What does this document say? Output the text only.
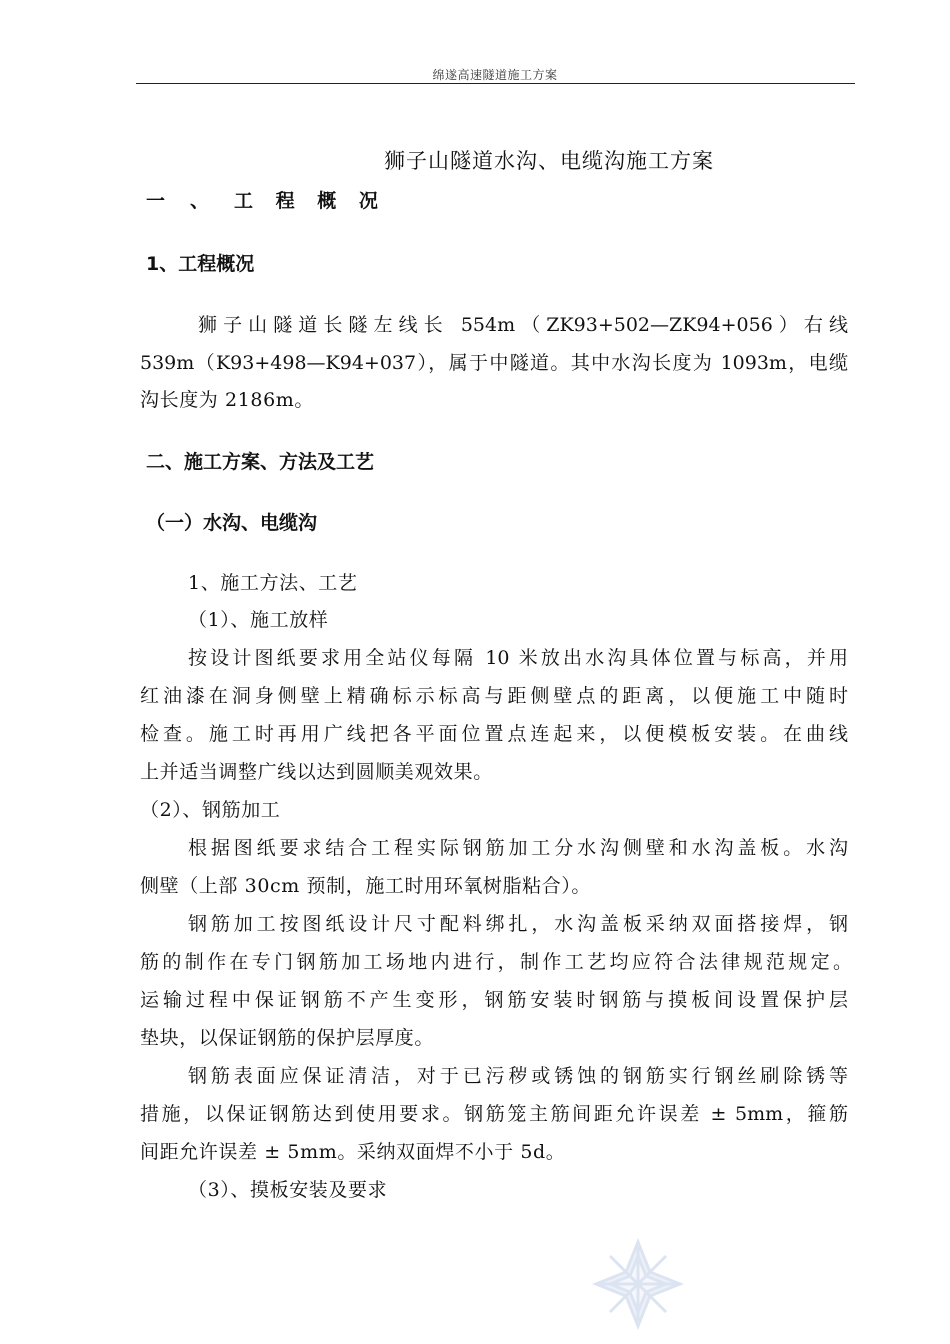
绵遂高速隧道施工方案
狮子山隧道水沟、电缆沟施工方案
一 、 工 程 概 况
1、工程概况
狮子山隧道长隧左线长 554m（ZK93+502—ZK94+056）右线
539m（K93+498—K94+037），属于中隧道。其中水沟长度为 1093m，电缆
沟长度为 2186m。
二、施工方案、方法及工艺
（一）水沟、电缆沟
1、施工方法、工艺
（1）、施工放样
按设计图纸要求用全站仪每隔 10 米放出水沟具体位置与标高，并用
红油漆在洞身侧壁上精确标示标高与距侧壁点的距离，以便施工中随时
检查。施工时再用广线把各平面位置点连起来，以便模板安装。在曲线
上并适当调整广线以达到圆顺美观效果。
（2）、钢筋加工
根据图纸要求结合工程实际钢筋加工分水沟侧壁和水沟盖板。水沟
侧壁（上部 30cm 预制，施工时用环氧树脂粘合）。
钢筋加工按图纸设计尺寸配料绑扎，水沟盖板采纳双面搭接焊，钢
筋的制作在专门钢筋加工场地内进行，制作工艺均应符合法律规范规定。
运输过程中保证钢筋不产生变形，钢筋安装时钢筋与摸板间设置保护层
垫块，以保证钢筋的保护层厚度。
钢筋表面应保证清洁，对于已污秽或锈蚀的钢筋实行钢丝刷除锈等
措施，以保证钢筋达到使用要求。钢筋笼主筋间距允许误差 ± 5mm，箍筋
间距允许误差 ± 5mm。采纳双面焊不小于 5d。
（3）、摸板安装及要求
